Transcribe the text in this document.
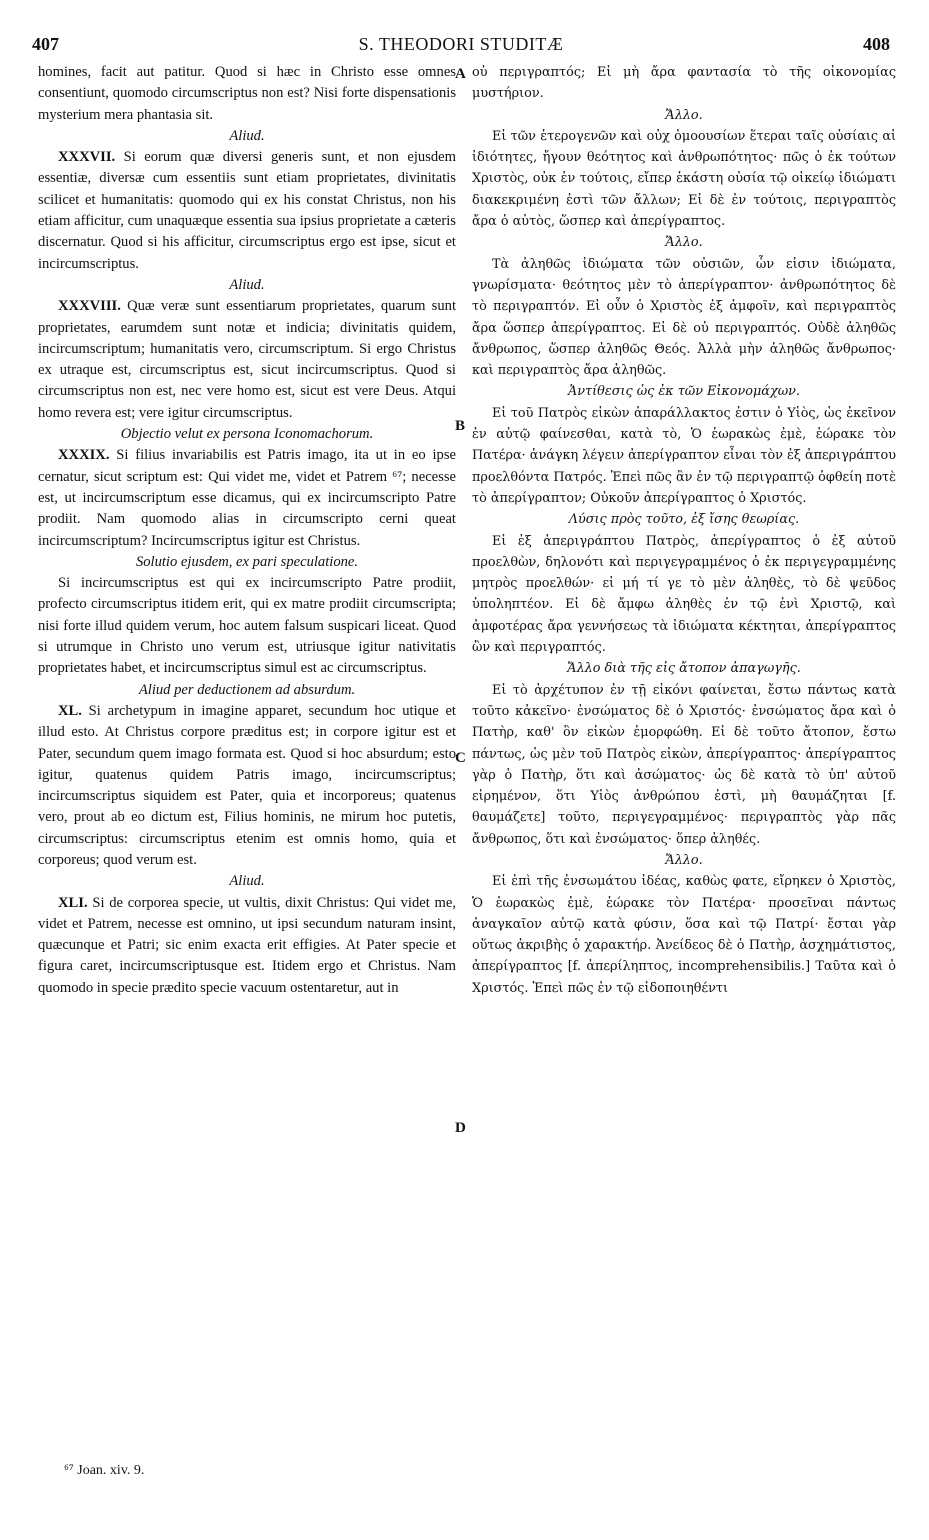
407	S. THEODORI STUDITÆ	408

homines, facit aut patitur. Quod si hæc in Christo esse omnes consentiunt, quomodo circumscriptus non est? Nisi forte dispensationis mysterium mera phantasia sit.

Aliud.

XXXVII. Si eorum quæ diversi generis sunt, et non ejusdem essentiæ, diversæ cum essentiis sunt etiam proprietates, divinitatis scilicet et humanitatis: quomodo qui ex his constat Christus, non his etiam afficitur, cum unaquæque essentia sua ipsius proprietate a cæteris discernatur. Quod si his afficitur, circumscriptus ergo est ipse, sicut et incircumscriptus.

Aliud.

XXXVIII. Quæ veræ sunt essentiarum proprietates, quarum sunt proprietates, earumdem sunt notæ et indicia; divinitatis quidem, incircumscriptum; humanitatis vero, circumscriptum. Si ergo Christus ex utraque est, circumscriptus est, sicut incircumscriptus. Quod si circumscriptus non est, nec vere homo est, sicut est vere Deus. Atqui homo revera est; vere igitur circumscriptus.

Objectio velut ex persona Iconomachorum.

XXXIX. Si filius invariabilis est Patris imago, ita ut in eo ipse cernatur, sicut scriptum est: Qui videt me, videt et Patrem ⁶⁷; necesse est, ut incircumscriptum esse dicamus, qui ex incircumscripto Patre prodiit. Nam quomodo alias in circumscripto cerni queat incircumscriptum? Incircumscriptus igitur est Christus.

Solutio ejusdem, ex pari speculatione.

Si incircumscriptus est qui ex incircumscripto Patre prodiit, profecto circumscriptus itidem erit, qui ex matre prodiit circumscripta; nisi forte illud quidem verum, hoc autem falsum suspicari liceat. Quod si utrumque in Christo uno verum est, utriusque igitur nativitatis proprietates habet, et incircumscriptus simul est ac circumscriptus.

Aliud per deductionem ad absurdum.

XL. Si archetypum in imagine apparet, secundum hoc utique et illud esto. At Christus corpore præditus est; in corpore igitur est et Pater, secundum quem imago formata est. Quod si hoc absurdum; esto igitur, quatenus quidem Patris imago, incircumscriptus; incircumscriptus siquidem est Pater, quia et incorporeus; quatenus vero, prout ab eo dictum est, Filius hominis, ne mirum hoc putetis, circumscriptus: circumscriptus etenim est omnis homo, quia et corporeus; quod verum est.

Aliud.

XLI. Si de corporea specie, ut vultis, dixit Christus: Qui videt me, videt et Patrem, necesse est omnino, ut ipsi secundum naturam insint, quæcunque et Patri; sic enim exacta erit effigies. At Pater specie et figura caret, incircumscriptusque est. Itidem ergo et Christus. Nam quomodo in specie prædito specie vacuum ostentaretur, aut in

οὐ περιγραπτός; Εἰ μὴ ἄρα φαντασία τὸ τῆς οἰκονομίας μυστήριον.

Ἄλλο.

Εἰ τῶν ἑτερογενῶν καὶ οὐχ ὁμοουσίων ἕτεραι ταῖς οὐσίαις αἱ ἰδιότητες, ἤγουν θεότητος καὶ ἀνθρωπότητος· πῶς ὁ ἐκ τούτων Χριστὸς, οὐκ ἐν τούτοις, εἴπερ ἑκάστη οὐσία τῷ οἰκείῳ ἰδιώματι διακεκριμένη ἐστὶ τῶν ἄλλων; Εἰ δὲ ἐν τούτοις, περιγραπτὸς ἄρα ὁ αὐτὸς, ὥσπερ καὶ ἀπερίγραπτος.

Ἄλλο.

Τὰ ἀληθῶς ἰδιώματα τῶν οὐσιῶν, ὧν εἰσιν ἰδιώματα, γνωρίσματα· θεότητος μὲν τὸ ἀπερίγραπτον· ἀνθρωπότητος δὲ τὸ περιγραπτόν. Εἰ οὖν ὁ Χριστὸς ἐξ ἀμφοῖν, καὶ περιγραπτὸς ἄρα ὥσπερ ἀπερίγραπτος. Εἰ δὲ οὐ περιγραπτός. Οὐδὲ ἀληθῶς ἄνθρωπος, ὥσπερ ἀληθῶς Θεός. Ἀλλὰ μὴν ἀληθῶς ἄνθρωπος· καὶ περιγραπτὸς ἄρα ἀληθῶς.

Ἀντίθεσις ὡς ἐκ τῶν Εἰκονομάχων.

Εἰ τοῦ Πατρὸς εἰκὼν ἀπαράλλακτος ἐστιν ὁ Υἱὸς, ὡς ἐκεῖνον ἐν αὐτῷ φαίνεσθαι, κατὰ τὸ, Ὁ ἑωρακὼς ἐμὲ, ἑώρακε τὸν Πατέρα· ἀνάγκη λέγειν ἀπερίγραπτον εἶναι τὸν ἐξ ἀπεριγράπτου προελθόντα Πατρός. Ἐπεὶ πῶς ἂν ἐν τῷ περιγραπτῷ ὀφθείη ποτὲ τὸ ἀπερίγραπτον; Οὐκοῦν ἀπερίγραπτος ὁ Χριστός.

Λύσις πρὸς τοῦτο, ἐξ ἴσης θεωρίας.

Εἰ ἐξ ἀπεριγράπτου Πατρὸς, ἀπερίγραπτος ὁ ἐξ αὐτοῦ προελθὼν, δηλονότι καὶ περιγεγραμμένος ὁ ἐκ περιγεγραμμένης μητρὸς προελθών· εἰ μή τί γε τὸ μὲν ἀληθὲς, τὸ δὲ ψεῦδος ὑποληπτέον. Εἰ δὲ ἄμφω ἀληθὲς ἐν τῷ ἑνὶ Χριστῷ, καὶ ἀμφοτέρας ἄρα γεννήσεως τὰ ἰδιώματα κέκτηται, ἀπερίγραπτος ὢν καὶ περιγραπτός.

Ἄλλο διὰ τῆς εἰς ἄτοπον ἀπαγωγῆς.

Εἰ τὸ ἀρχέτυπον ἐν τῇ εἰκόνι φαίνεται, ἔστω πάντως κατὰ τοῦτο κἀκεῖνο· ἐνσώματος δὲ ὁ Χριστός· ἐνσώματος ἄρα καὶ ὁ Πατὴρ, καθ' ὃν εἰκὼν ἐμορφώθη. Εἰ δὲ τοῦτο ἄτοπον, ἔστω πάντως, ὡς μὲν τοῦ Πατρὸς εἰκὼν, ἀπερίγραπτος· ἀπερίγραπτος γὰρ ὁ Πατὴρ, ὅτι καὶ ἀσώματος· ὡς δὲ κατὰ τὸ ὑπ' αὐτοῦ εἰρημένον, ὅτι Υἱὸς ἀνθρώπου ἐστὶ, μὴ θαυμάζηται [f. θαυμάζετε] τοῦτο, περιγεγραμμένος· περιγραπτὸς γὰρ πᾶς ἄνθρωπος, ὅτι καὶ ἐνσώματος· ὅπερ ἀληθές.

Ἄλλο.

Εἰ ἐπὶ τῆς ἐνσωμάτου ἰδέας, καθὼς φατε, εἴρηκεν ὁ Χριστὸς, Ὁ ἑωρακὼς ἐμὲ, ἑώρακε τὸν Πατέρα· προσεῖναι πάντως ἀναγκαῖον αὐτῷ κατὰ φύσιν, ὅσα καὶ τῷ Πατρί· ἔσται γὰρ οὕτως ἀκριβὴς ὁ χαρακτήρ. Ἀνείδεος δὲ ὁ Πατὴρ, ἀσχημάτιστος, ἀπερίγραπτος [f. ἀπερίληπτος, incomprehensibilis.] Ταῦτα καὶ ὁ Χριστός. Ἐπεὶ πῶς ἐν τῷ εἰδοποιηθέντι

A
B
C
D
⁶⁷ Joan. xiv. 9.
